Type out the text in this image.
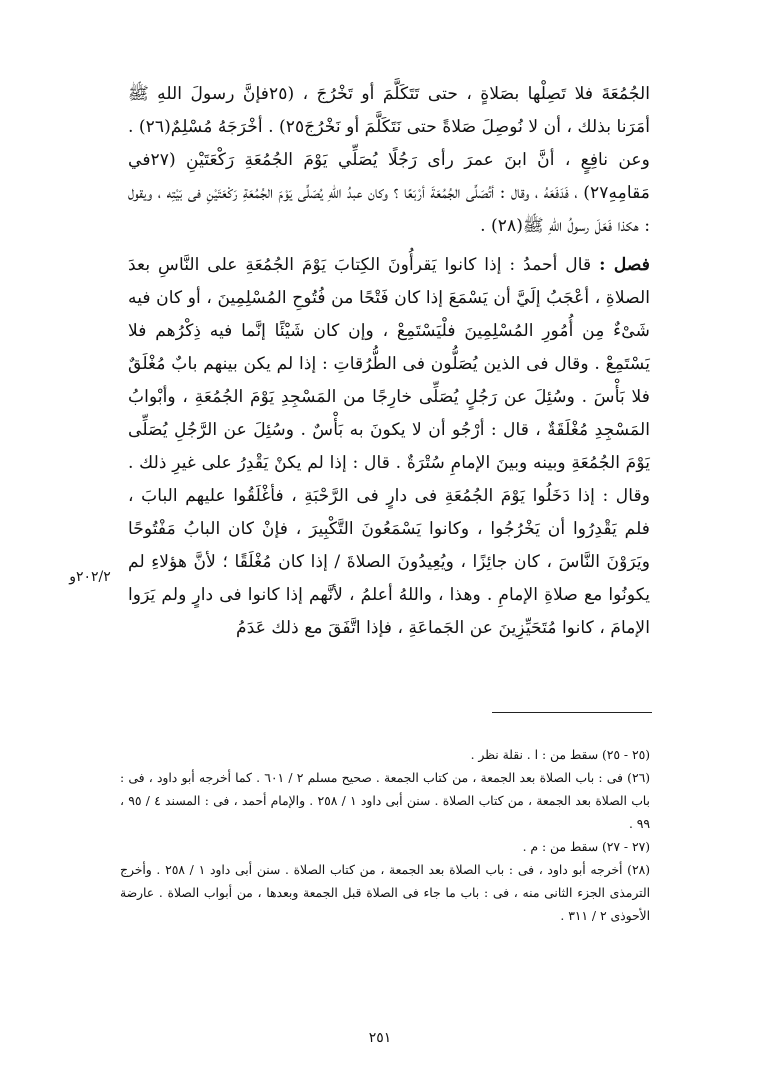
الجُمُعَةَ فلا تَصِلْها بصَلاةٍ ، حتى تَتَكَلَّمَ أو تَخْرُجَ ، (٢٥فإنَّ رسولَ اللهِ ﷺ أمَرَنا بذلك ، أن لا نُوصِلَ صَلاةً حتى نَتَكَلَّمَ أو نَخْرُجَ٢٥) . أخْرَجَهُ مُسْلِمٌ(٢٦) . وعن نافِعٍ ، أنَّ ابنَ عمرَ رأى رَجُلًا يُصَلِّي يَوْمَ الجُمُعَةِ رَكْعَتَيْنِ (٢٧في مَقامِهِ٢٧) ، فَدَفَعَهُ ، وقال : أتُصَلِّى الجُمُعَةَ أرْبَعًا ؟ وكان عبدُ اللهِ يُصَلِّى يَوْمَ الجُمُعَةِ رَكْعَتَيْنِ فى بَيْتِه ، ويقول : هكذا فَعَلَ رسولُ اللهِ ﷺ(٢٨) .

فصل : قال أحمدُ : إذا كانوا يَقرأُونَ الكِتابَ يَوْمَ الجُمُعَةِ على النَّاسِ بعدَ الصلاةِ ، أعْجَبُ إلَيَّ أن يَسْمَعَ إذا كان فَتْحًا من فُتُوحِ المُسْلِمِينَ ، أو كان فيه شَىْءٌ مِن أُمُورِ المُسْلِمِينَ فلْيَسْتَمِعْ ، وإن كان شَيْئًا إنَّما فيه ذِكْرُهم فلا يَسْتَمِعْ . وقال فى الذين يُصَلُّون فى الطُّرُقاتِ : إذا لم يكن بينهم بابٌ مُغْلَقٌ فلا بَأْسَ . وسُئِلَ عن رَجُلٍ يُصَلِّى خارِجًا من المَسْجِدِ يَوْمَ الجُمُعَةِ ، وأبْوابُ المَسْجِدِ مُغْلَقَةٌ ، قال : أرْجُو أن لا يكونَ به بَأْسٌ . وسُئِلَ عن الرَّجُلِ يُصَلِّى يَوْمَ الجُمُعَةِ وبينه وبينَ الإمامِ سُتْرَةٌ . قال : إذا لم يكنْ يَقْدِرُ على غيرِ ذلك . وقال : إذا دَخَلُوا يَوْمَ الجُمُعَةِ فى دارٍ فى الرَّحْبَةِ ، فأغْلَقُوا عليهم البابَ ، فلم يَقْدِرُوا أن يَخْرُجُوا ، وكانوا يَسْمَعُونَ التَّكْبِيرَ ، فإنْ كان البابُ مَفْتُوحًا ويَرَوْنَ النَّاسَ ، كان جائِزًا ، ويُعِيدُونَ الصلاةَ / إذا كان مُغْلَقًا ؛ لأنَّ هؤلاءِ لم يكونُوا مع صلاةِ الإمامِ . وهذا ، واللهُ أعلمُ ، لأنَّهم إذا كانوا فى دارٍ ولم يَرَوا الإمامَ ، كانوا مُتَحَيِّزِينَ عن الجَماعَةِ ، فإذا اتَّفَقَ مع ذلك عَدَمُ

٢٠٢/٢و

(٢٥ - ٢٥) سقط من : ا . نقلة نظر .

(٢٦) فى : باب الصلاة بعد الجمعة ، من كتاب الجمعة . صحيح مسلم ٢ / ٦٠١ . كما أخرجه أبو داود ، فى : باب الصلاة بعد الجمعة ، من كتاب الصلاة . سنن أبى داود ١ / ٢٥٨ . والإمام أحمد ، فى : المسند ٤ / ٩٥ ، ٩٩ .

(٢٧ - ٢٧) سقط من : م .

(٢٨) أخرجه أبو داود ، فى : باب الصلاة بعد الجمعة ، من كتاب الصلاة . سنن أبى داود ١ / ٢٥٨ . وأخرج الترمذى الجزء الثانى منه ، فى : باب ما جاء فى الصلاة قبل الجمعة وبعدها ، من أبواب الصلاة . عارضة الأحوذى ٢ / ٣١١ .

٢٥١
